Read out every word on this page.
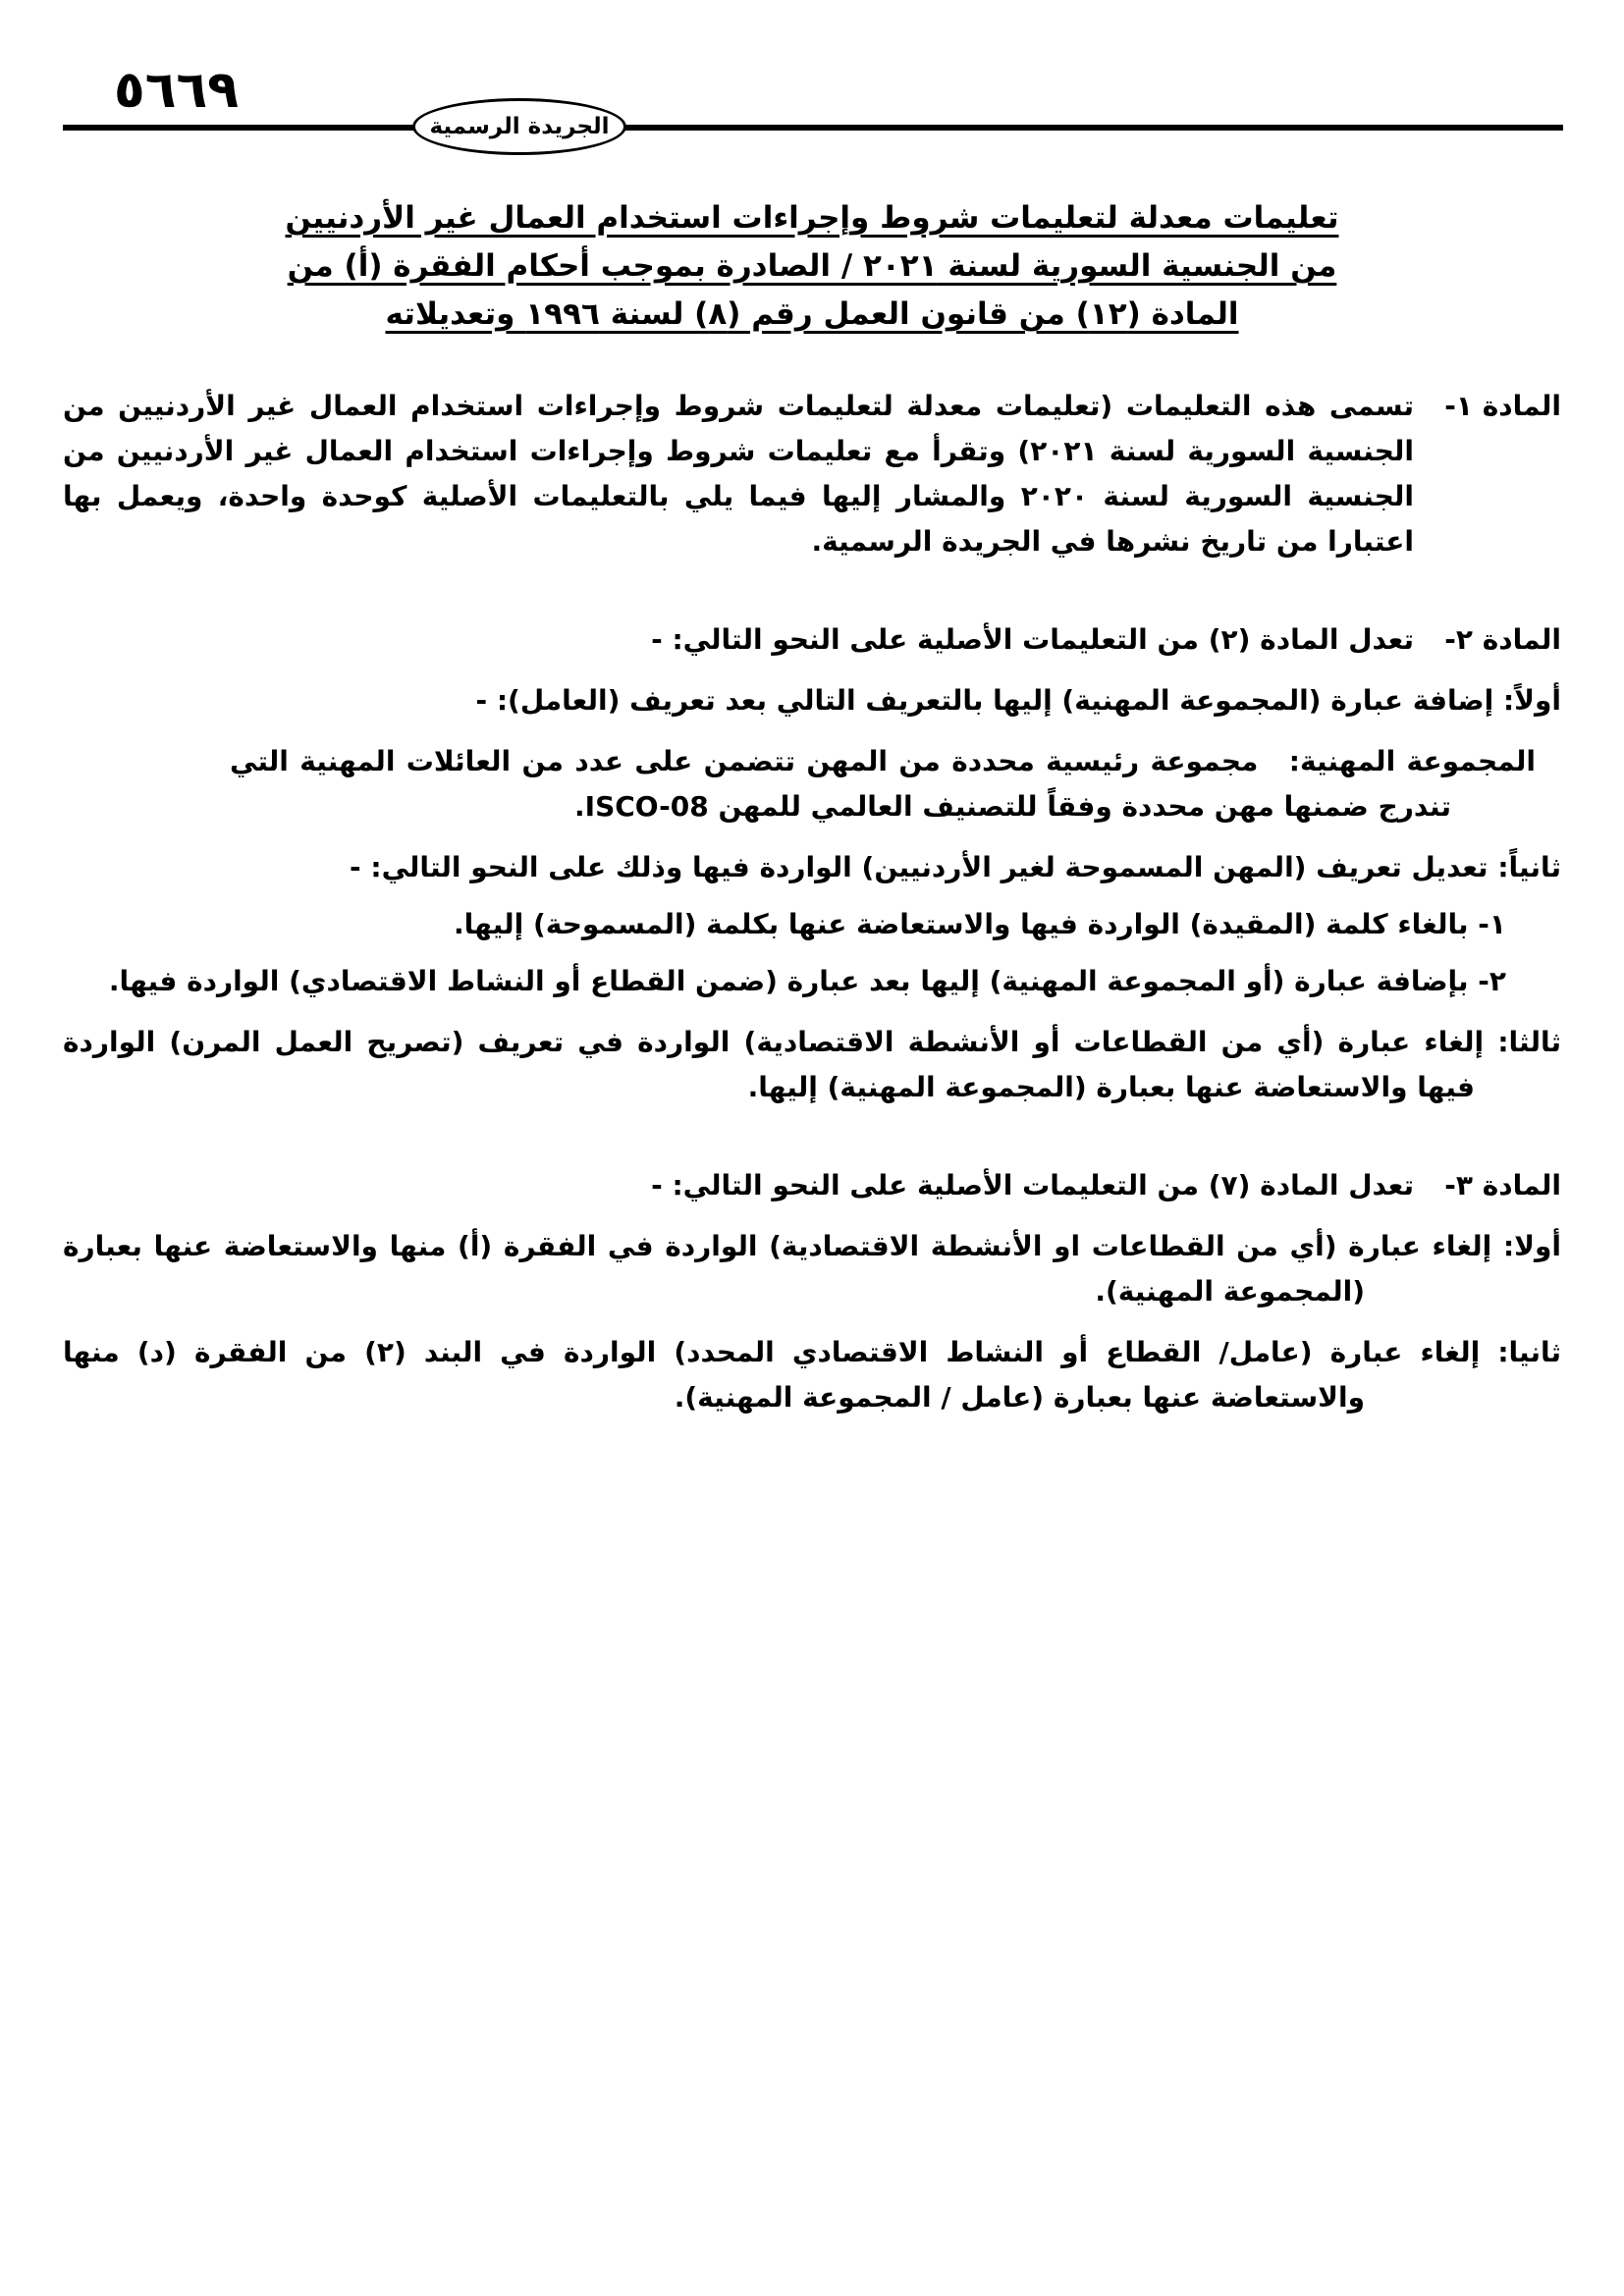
٥٦٦٩
الجريدة الرسمية
تعليمات معدلة لتعليمات شروط وإجراءات استخدام العمال غير الأردنيين
من الجنسية السورية لسنة ٢٠٢١ / الصادرة بموجب أحكام الفقرة (أ) من
المادة (١٢) من قانون العمل رقم (٨) لسنة ١٩٩٦ وتعديلاته
المادة ١-

تسمى هذه التعليمات (تعليمات معدلة لتعليمات شروط وإجراءات استخدام العمال غير الأردنيين من الجنسية السورية لسنة ٢٠٢١) وتقرأ مع تعليمات شروط وإجراءات استخدام العمال غير الأردنيين من الجنسية السورية لسنة ٢٠٢٠ والمشار إليها فيما يلي بالتعليمات الأصلية كوحدة واحدة، ويعمل بها اعتبارا من تاريخ نشرها في الجريدة الرسمية.

المادة ٢-

تعدل المادة (٢) من التعليمات الأصلية على النحو التالي: -

أولاً: إضافة عبارة (المجموعة المهنية) إليها بالتعريف التالي بعد تعريف (العامل): -

المجموعة المهنية: مجموعة رئيسية محددة من المهن تتضمن على عدد من العائلات المهنية التي تندرج ضمنها مهن محددة وفقاً للتصنيف العالمي للمهن ISCO-08.

ثانياً: تعديل تعريف (المهن المسموحة لغير الأردنيين) الواردة فيها وذلك على النحو التالي: -

١- بالغاء كلمة (المقيدة) الواردة فيها والاستعاضة عنها بكلمة (المسموحة) إليها.

٢- بإضافة عبارة (أو المجموعة المهنية) إليها بعد عبارة (ضمن القطاع أو النشاط الاقتصادي) الواردة فيها.

ثالثا: إلغاء عبارة (أي من القطاعات أو الأنشطة الاقتصادية) الواردة في تعريف (تصريح العمل المرن) الواردة فيها والاستعاضة عنها بعبارة (المجموعة المهنية) إليها.

المادة ٣-

تعدل المادة (٧) من التعليمات الأصلية على النحو التالي: -

أولا: إلغاء عبارة (أي من القطاعات او الأنشطة الاقتصادية) الواردة في الفقرة (أ) منها والاستعاضة عنها بعبارة (المجموعة المهنية).

ثانيا: إلغاء عبارة (عامل/ القطاع أو النشاط الاقتصادي المحدد) الواردة في البند (٢) من الفقرة (د) منها والاستعاضة عنها بعبارة (عامل / المجموعة المهنية).
